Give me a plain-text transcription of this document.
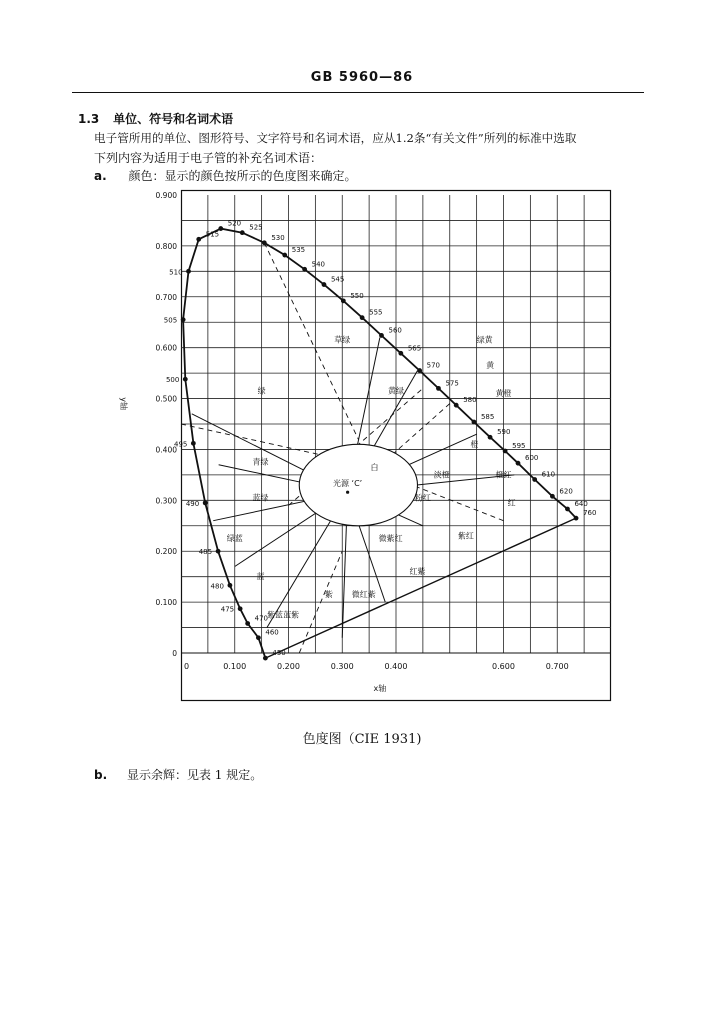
GB 5960—86
1.3 单位、符号和名词术语
电子管所用的单位、图形符号、文字符号和名词术语，应从1.2条“有关文件”所列的标准中选取
下列内容为适用于电子管的补充名词术语：
a. 颜色：显示的颜色按所示的色度图来确定。
0	0.100	0.200	0.300	0.400	0.600	0.700
x轴
0
0.100
0.200
0.300
0.400
0.500
0.600
0.700
0.800
0.900
y轴
450
460
470
475
480
485
490
495
500
505
510
515
520
525
530
535
540
545
550
555
560
565
570
575
580
585
590
595
600
610
620
640
760
光源 ‘C’
绿
草绿
黄绿
绿黄
黄
黄橙
橙
淡橙	橙红
粉红
红
紫红
微紫红
红紫
紫 微红紫
蓝
紫蓝 蓝紫
白
青绿
蓝绿
绿蓝
色度图（CIE 1931)
b. 显示余辉：见表 1 规定。
